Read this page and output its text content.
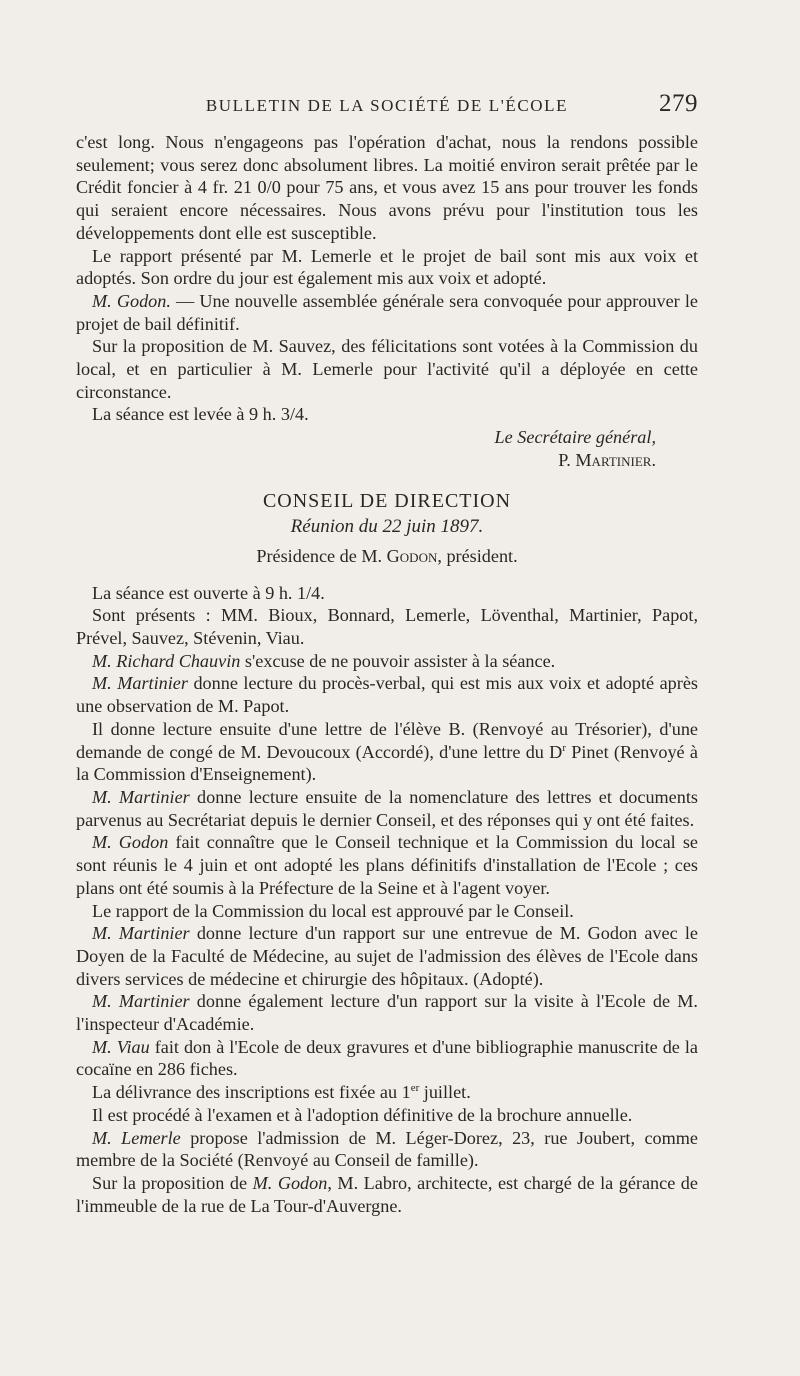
BULLETIN DE LA SOCIÉTÉ DE L'ÉCOLE	279

c'est long. Nous n'engageons pas l'opération d'achat, nous la rendons possible seulement; vous serez donc absolument libres. La moitié environ serait prêtée par le Crédit foncier à 4 fr. 21 0/0 pour 75 ans, et vous avez 15 ans pour trouver les fonds qui seraient encore nécessaires. Nous avons prévu pour l'institution tous les développements dont elle est susceptible.

Le rapport présenté par M. Lemerle et le projet de bail sont mis aux voix et adoptés. Son ordre du jour est également mis aux voix et adopté.

M. Godon. — Une nouvelle assemblée générale sera convoquée pour approuver le projet de bail définitif.

Sur la proposition de M. Sauvez, des félicitations sont votées à la Commission du local, et en particulier à M. Lemerle pour l'activité qu'il a déployée en cette circonstance.

La séance est levée à 9 h. 3/4.

Le Secrétaire général,

P. Martinier.

CONSEIL DE DIRECTION
Réunion du 22 juin 1897.
Présidence de M. Godon, président.

La séance est ouverte à 9 h. 1/4.

Sont présents : MM. Bioux, Bonnard, Lemerle, Löventhal, Martinier, Papot, Prével, Sauvez, Stévenin, Viau.

M. Richard Chauvin s'excuse de ne pouvoir assister à la séance.

M. Martinier donne lecture du procès-verbal, qui est mis aux voix et adopté après une observation de M. Papot.

Il donne lecture ensuite d'une lettre de l'élève B. (Renvoyé au Trésorier), d'une demande de congé de M. Devoucoux (Accordé), d'une lettre du $D^r$ Pinet (Renvoyé à la Commission d'Enseignement).

M. Martinier donne lecture ensuite de la nomenclature des lettres et documents parvenus au Secrétariat depuis le dernier Conseil, et des réponses qui y ont été faites.

M. Godon fait connaître que le Conseil technique et la Commission du local se sont réunis le 4 juin et ont adopté les plans définitifs d'installation de l'Ecole ; ces plans ont été soumis à la Préfecture de la Seine et à l'agent voyer.

Le rapport de la Commission du local est approuvé par le Conseil.

M. Martinier donne lecture d'un rapport sur une entrevue de M. Godon avec le Doyen de la Faculté de Médecine, au sujet de l'admission des élèves de l'Ecole dans divers services de médecine et chirurgie des hôpitaux. (Adopté).

M. Martinier donne également lecture d'un rapport sur la visite à l'Ecole de M. l'inspecteur d'Académie.

M. Viau fait don à l'Ecole de deux gravures et d'une bibliographie manuscrite de la cocaïne en 286 fiches.

La délivrance des inscriptions est fixée au 1er juillet.

Il est procédé à l'examen et à l'adoption définitive de la brochure annuelle.

M. Lemerle propose l'admission de M. Léger-Dorez, 23, rue Joubert, comme membre de la Société (Renvoyé au Conseil de famille).

Sur la proposition de M. Godon, M. Labro, architecte, est chargé de la gérance de l'immeuble de la rue de La Tour-d'Auvergne.
